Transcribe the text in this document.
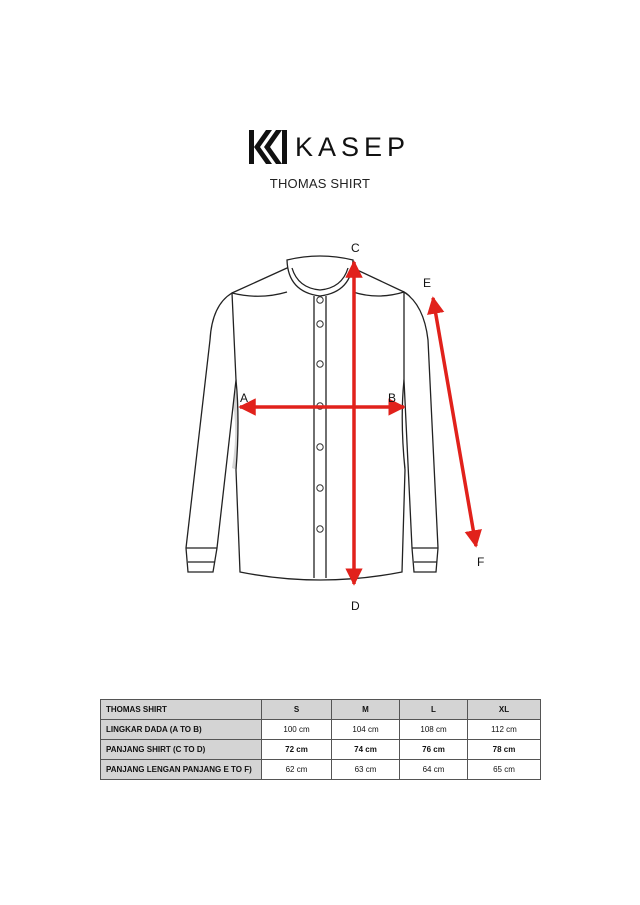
KASEP
THOMAS SHIRT
A	B
C
D
E
F
THOMAS SHIRT	S	M	L	XL
LINGKAR DADA (A TO B)	100 cm	104 cm	108 cm	112 cm
PANJANG SHIRT (C TO D)	72 cm	74 cm	76 cm	78 cm
PANJANG LENGAN PANJANG E TO F)	62 cm	63 cm	64 cm	65 cm
